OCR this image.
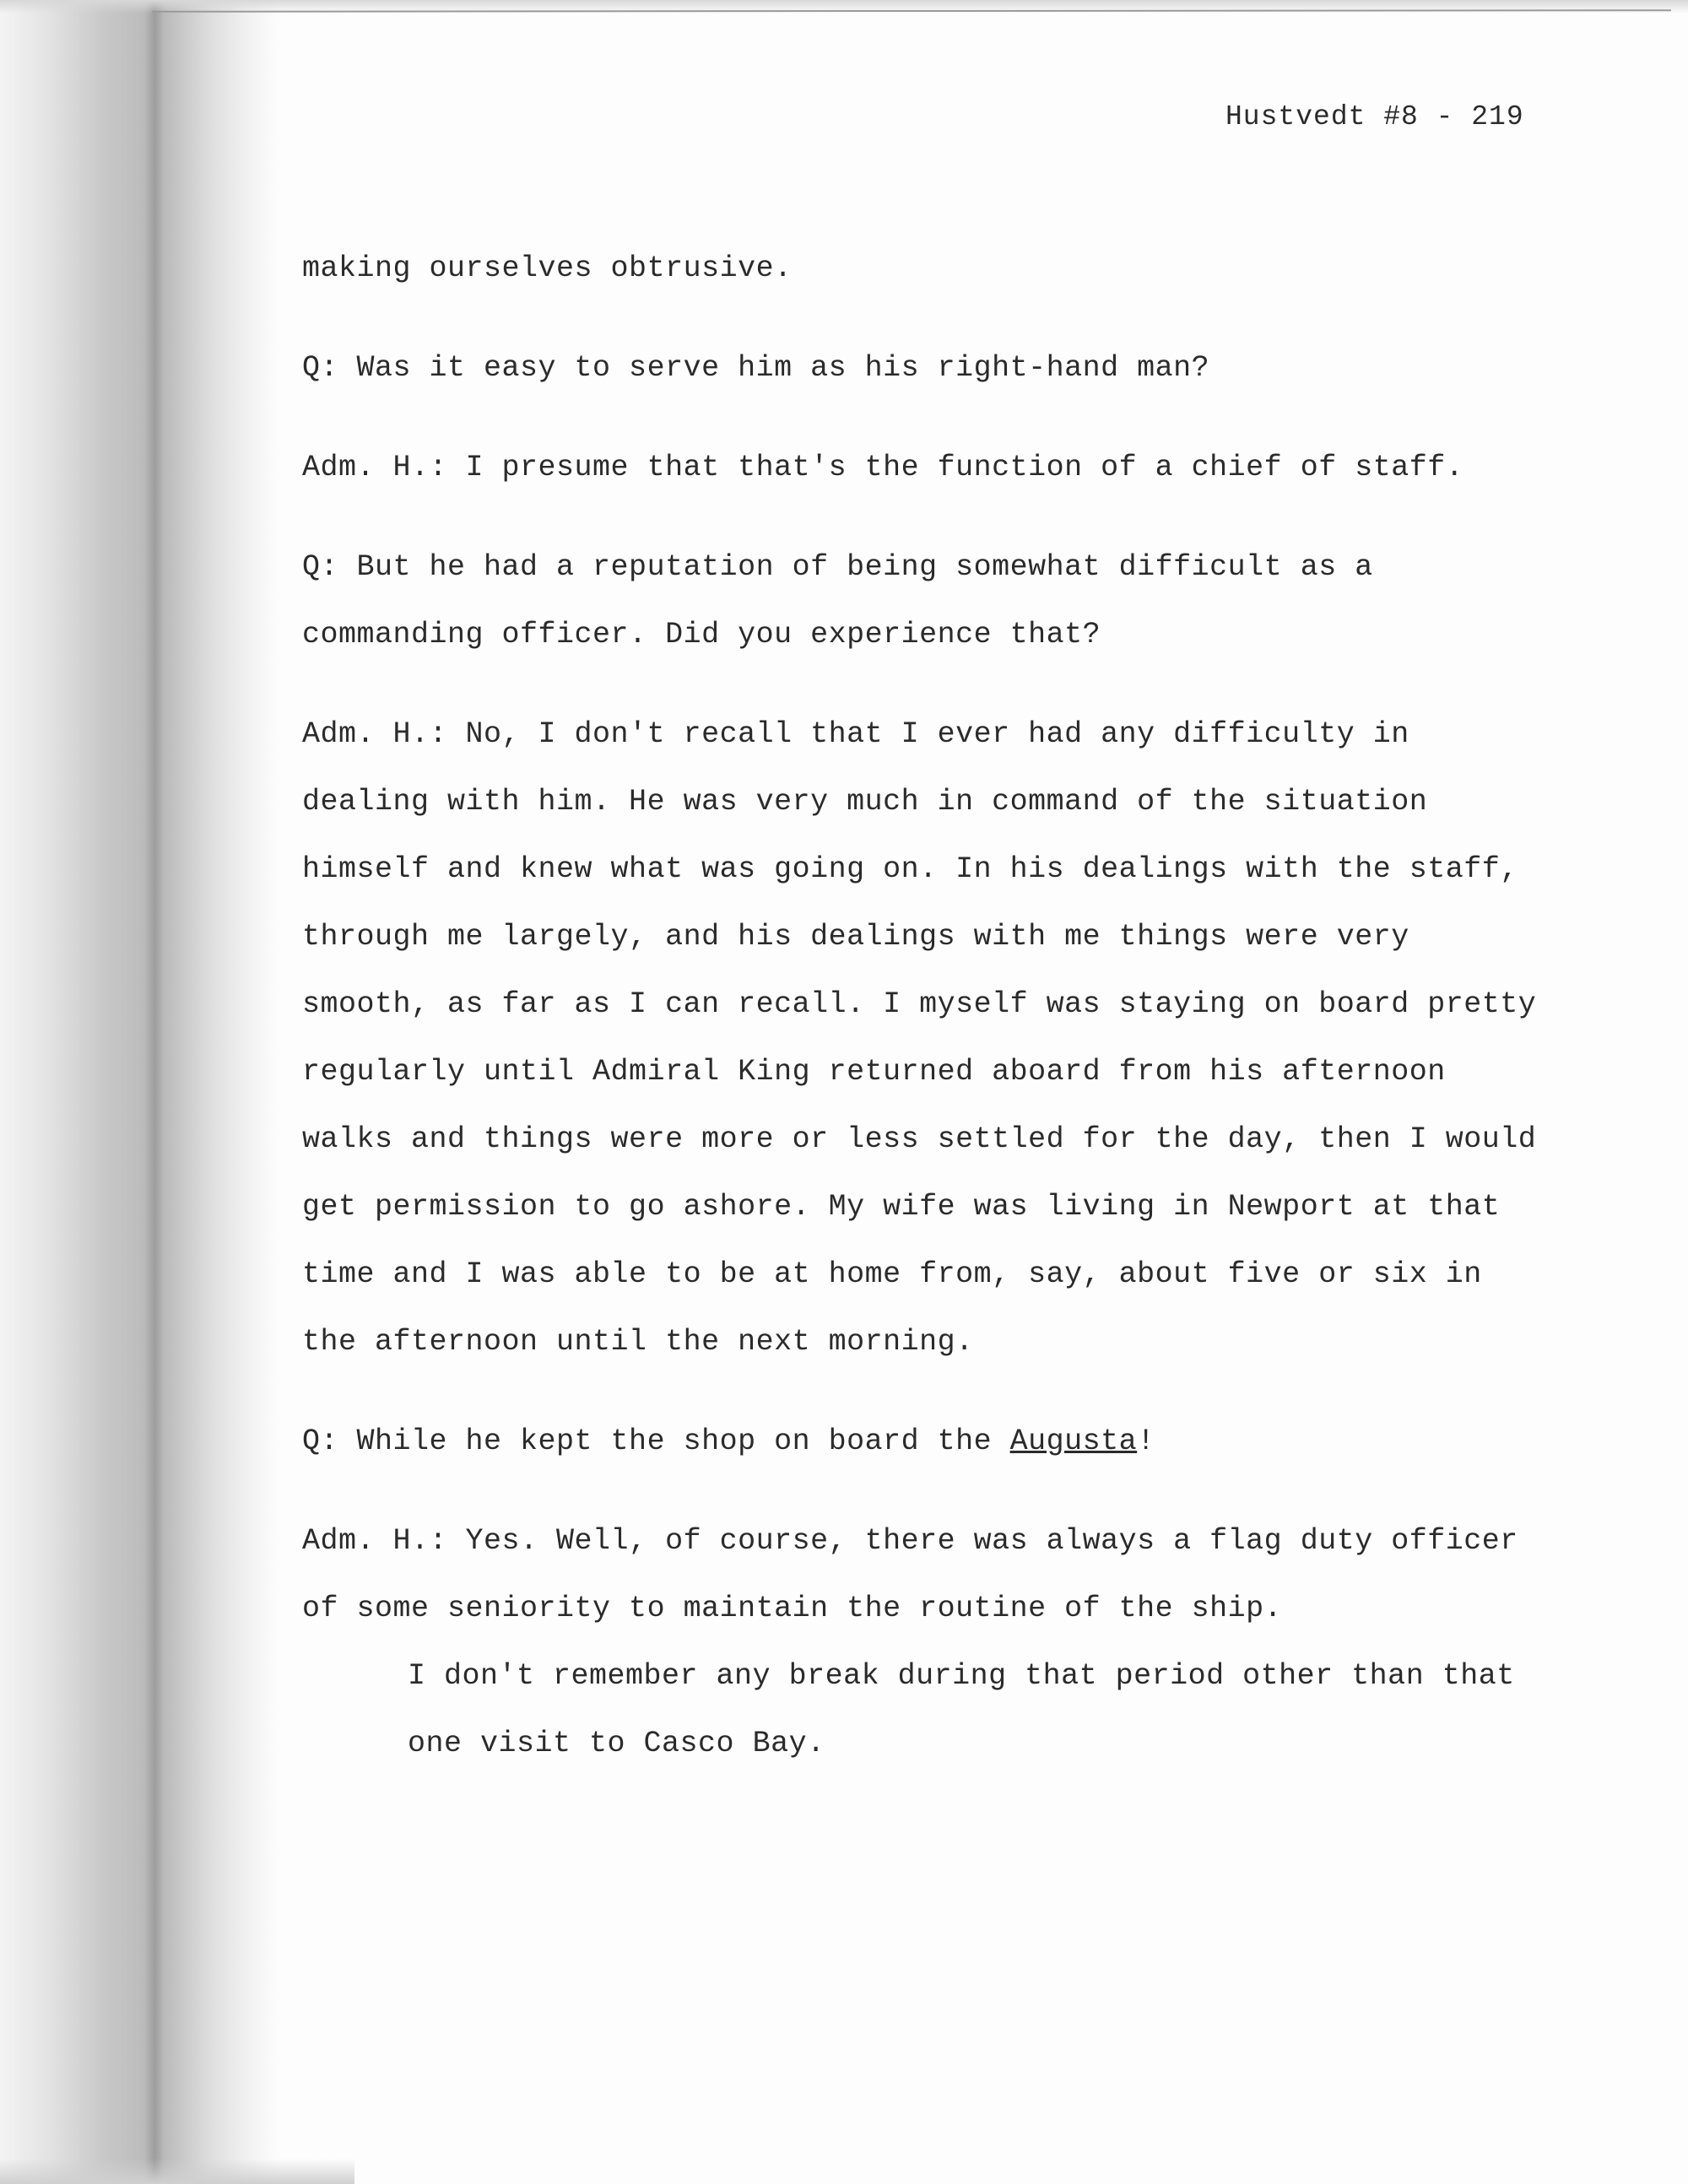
Hustvedt #8 - 219

making ourselves obtrusive.

Q: Was it easy to serve him as his right-hand man?

Adm. H.: I presume that that's the function of a chief of staff.

Q: But he had a reputation of being somewhat difficult as a commanding officer. Did you experience that?

Adm. H.: No, I don't recall that I ever had any difficulty in dealing with him. He was very much in command of the situation himself and knew what was going on. In his dealings with the staff, through me largely, and his dealings with me things were very smooth, as far as I can recall. I myself was staying on board pretty regularly until Admiral King returned aboard from his afternoon walks and things were more or less settled for the day, then I would get permission to go ashore. My wife was living in Newport at that time and I was able to be at home from, say, about five or six in the afternoon until the next morning.

Q: While he kept the shop on board the Augusta!

Adm. H.: Yes. Well, of course, there was always a flag duty officer of some seniority to maintain the routine of the ship.

I don't remember any break during that period other than that one visit to Casco Bay.
